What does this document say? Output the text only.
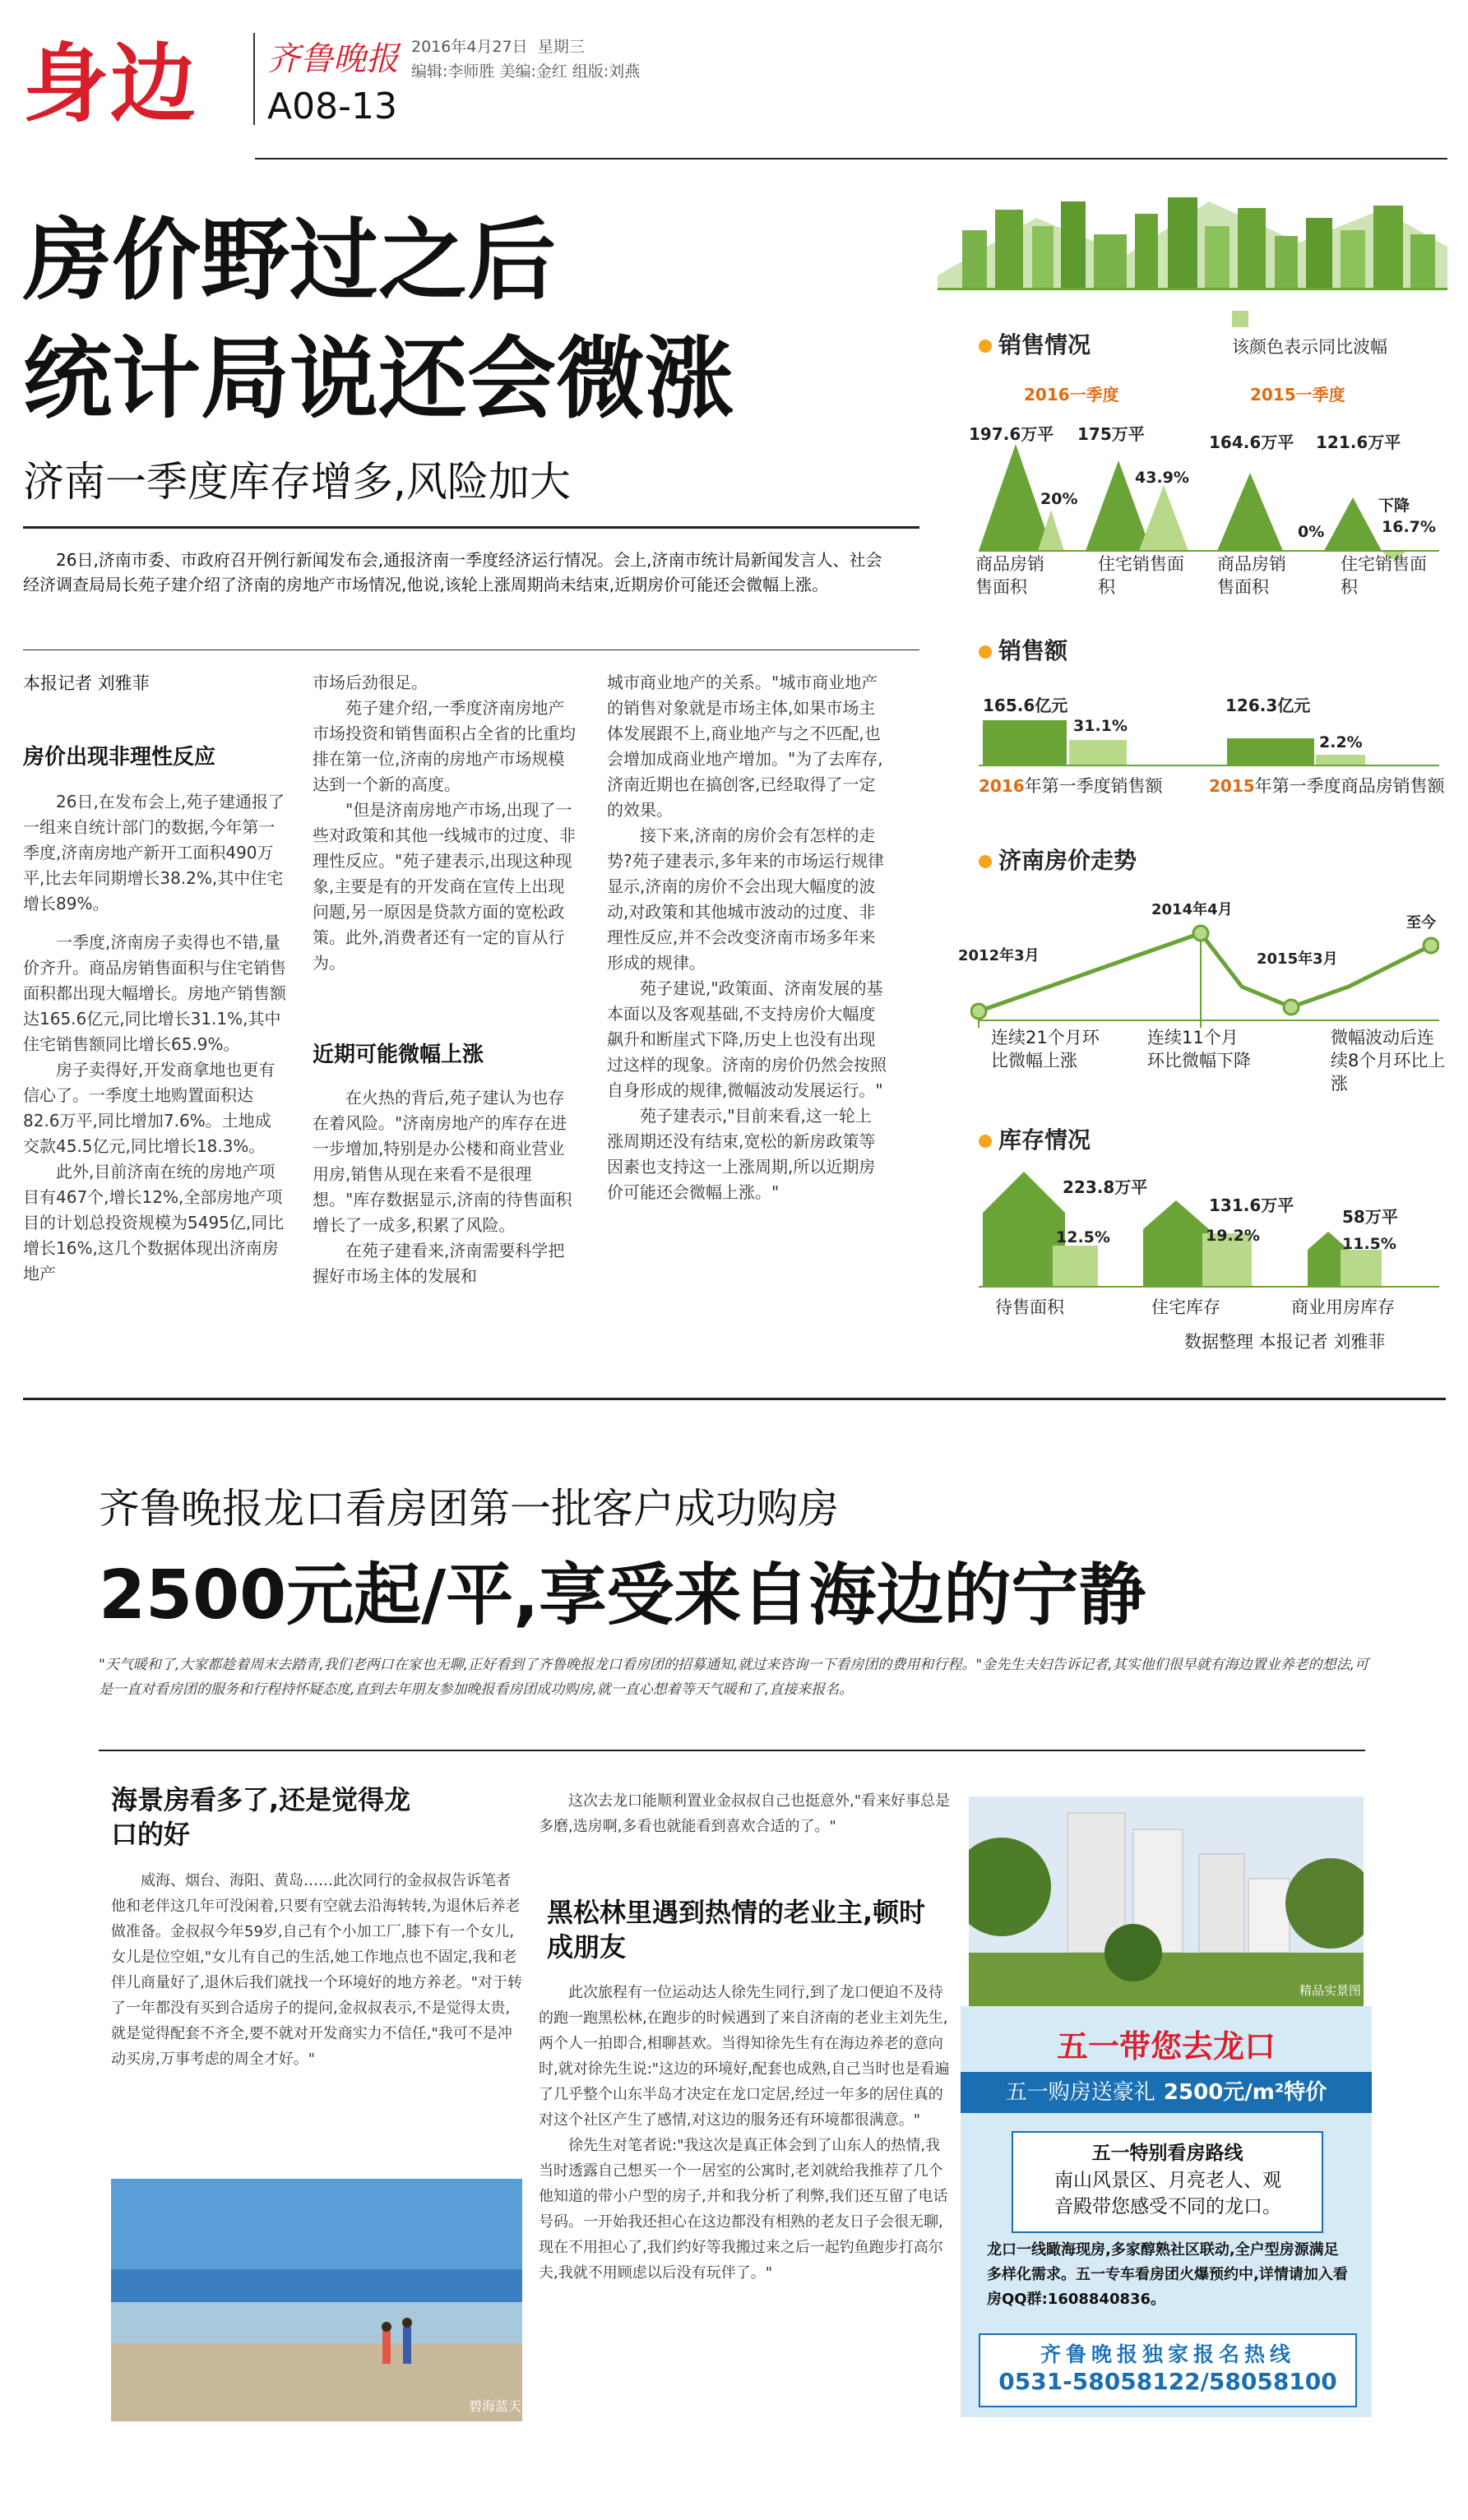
身边 齐鲁晚报
A08-13
2016年4月27日 星期三
编辑:李师胜 美编:金红 组版:刘燕
房价野过之后
统计局说还会微涨
济南一季度库存增多,风险加大

26日,济南市委、市政府召开例行新闻发布会,通报济南一季度经济运行情况。会上,济南市统计局新闻发言人、社会经济调查局局长苑子建介绍了济南的房地产市场情况,他说,该轮上涨周期尚未结束,近期房价可能还会微幅上涨。

本报记者 刘雅菲
房价出现非理性反应

26日,在发布会上,苑子建通报了一组来自统计部门的数据,今年第一季度,济南房地产新开工面积490万平,比去年同期增长38.2%,其中住宅增长89%。

一季度,济南房子卖得也不错,量价齐升。商品房销售面积与住宅销售面积都出现大幅增长。房地产销售额达165.6亿元,同比增长31.1%,其中住宅销售额同比增长65.9%。

房子卖得好,开发商拿地也更有信心了。一季度土地购置面积达82.6万平,同比增加7.6%。土地成交款45.5亿元,同比增长18.3%。

此外,目前济南在统的房地产项目有467个,增长12%,全部房地产项目的计划总投资规模为5495亿,同比增长16%,这几个数据体现出济南房地产

市场后劲很足。

苑子建介绍,一季度济南房地产市场投资和销售面积占全省的比重均排在第一位,济南的房地产市场规模达到一个新的高度。

"但是济南房地产市场,出现了一些对政策和其他一线城市的过度、非理性反应。"苑子建表示,出现这种现象,主要是有的开发商在宣传上出现问题,另一原因是贷款方面的宽松政策。此外,消费者还有一定的盲从行为。

近期可能微幅上涨

在火热的背后,苑子建认为也存在着风险。"济南房地产的库存在进一步增加,特别是办公楼和商业营业用房,销售从现在来看不是很理想。"库存数据显示,济南的待售面积增长了一成多,积累了风险。

在苑子建看来,济南需要科学把握好市场主体的发展和

城市商业地产的关系。"城市商业地产的销售对象就是市场主体,如果市场主体发展跟不上,商业地产与之不匹配,也会增加成商业地产增加。"为了去库存,济南近期也在搞创客,已经取得了一定的效果。

接下来,济南的房价会有怎样的走势?苑子建表示,多年来的市场运行规律显示,济南的房价不会出现大幅度的波动,对政策和其他城市波动的过度、非理性反应,并不会改变济南市场多年来形成的规律。

苑子建说,"政策面、济南发展的基本面以及客观基础,不支持房价大幅度飙升和断崖式下降,历史上也没有出现过这样的现象。济南的房价仍然会按照自身形成的规律,微幅波动发展运行。"

苑子建表示,"目前来看,这一轮上涨周期还没有结束,宽松的新房政策等因素也支持这一上涨周期,所以近期房价可能还会微幅上涨。"

销售情况	该颜色表示同比波幅
2016一季度	2015一季度
197.6万平
20%
175万平
43.9%
164.6万平
0%
121.6万平
下降
16.7%
商品房销售面积
住宅销售面积
商品房销售面积
住宅销售面积
销售额
165.6亿元
31.1%
126.3亿元
2.2%
2016年第一季度销售额	2015年第一季度商品房销售额
济南房价走势
2012年3月
2014年4月
2015年3月
至今
连续21个月环比微幅上涨
连续11个月环比微幅下降
微幅波动后连续8个月环比上涨
库存情况
223.8万平
12.5%
131.6万平
19.2%
58万平
11.5%
待售面积	住宅库存	商业用房库存
数据整理 本报记者 刘雅菲
齐鲁晚报龙口看房团第一批客户成功购房
2500元起/平,享受来自海边的宁静
"天气暖和了,大家都趁着周末去踏青,我们老两口在家也无聊,正好看到了齐鲁晚报龙口看房团的招募通知,就过来咨询一下看房团的费用和行程。"金先生夫妇告诉记者,其实他们很早就有海边置业养老的想法,可是一直对看房团的服务和行程持怀疑态度,直到去年朋友参加晚报看房团成功购房,就一直心想着等天气暖和了,直接来报名。
海景房看多了,还是觉得龙口的好

威海、烟台、海阳、黄岛……此次同行的金叔叔告诉笔者他和老伴这几年可没闲着,只要有空就去沿海转转,为退休后养老做准备。金叔叔今年59岁,自己有个小加工厂,膝下有一个女儿,女儿是位空姐,"女儿有自己的生活,她工作地点也不固定,我和老伴儿商量好了,退休后我们就找一个环境好的地方养老。"对于转了一年都没有买到合适房子的提问,金叔叔表示,不是觉得太贵,就是觉得配套不齐全,要不就对开发商实力不信任,"我可不是冲动买房,万事考虑的周全才好。"

碧海蓝天

这次去龙口能顺利置业金叔叔自己也挺意外,"看来好事总是多磨,选房啊,多看也就能看到喜欢合适的了。"

黑松林里遇到热情的老业主,顿时成朋友

此次旅程有一位运动达人徐先生同行,到了龙口便迫不及待的跑一跑黑松林,在跑步的时候遇到了来自济南的老业主刘先生,两个人一拍即合,相聊甚欢。当得知徐先生有在海边养老的意向时,就对徐先生说:"这边的环境好,配套也成熟,自己当时也是看遍了几乎整个山东半岛才决定在龙口定居,经过一年多的居住真的对这个社区产生了感情,对这边的服务还有环境都很满意。"

徐先生对笔者说:"我这次是真正体会到了山东人的热情,我当时透露自己想买一个一居室的公寓时,老刘就给我推荐了几个他知道的带小户型的房子,并和我分析了利弊,我们还互留了电话号码。一开始我还担心在这边都没有相熟的老友日子会很无聊,现在不用担心了,我们约好等我搬过来之后一起钓鱼跑步打高尔夫,我就不用顾虑以后没有玩伴了。"

精品实景图
五一带您去龙口
五一购房送豪礼 2500元/m²特价
五一特别看房路线
南山风景区、月亮老人、观音殿带您感受不同的龙口。
龙口一线瞰海现房,多家醇熟社区联动,全户型房源满足多样化需求。五一专车看房团火爆预约中,详情请加入看房QQ群:1608840836。
齐鲁晚报独家报名热线
0531-58058122/58058100
